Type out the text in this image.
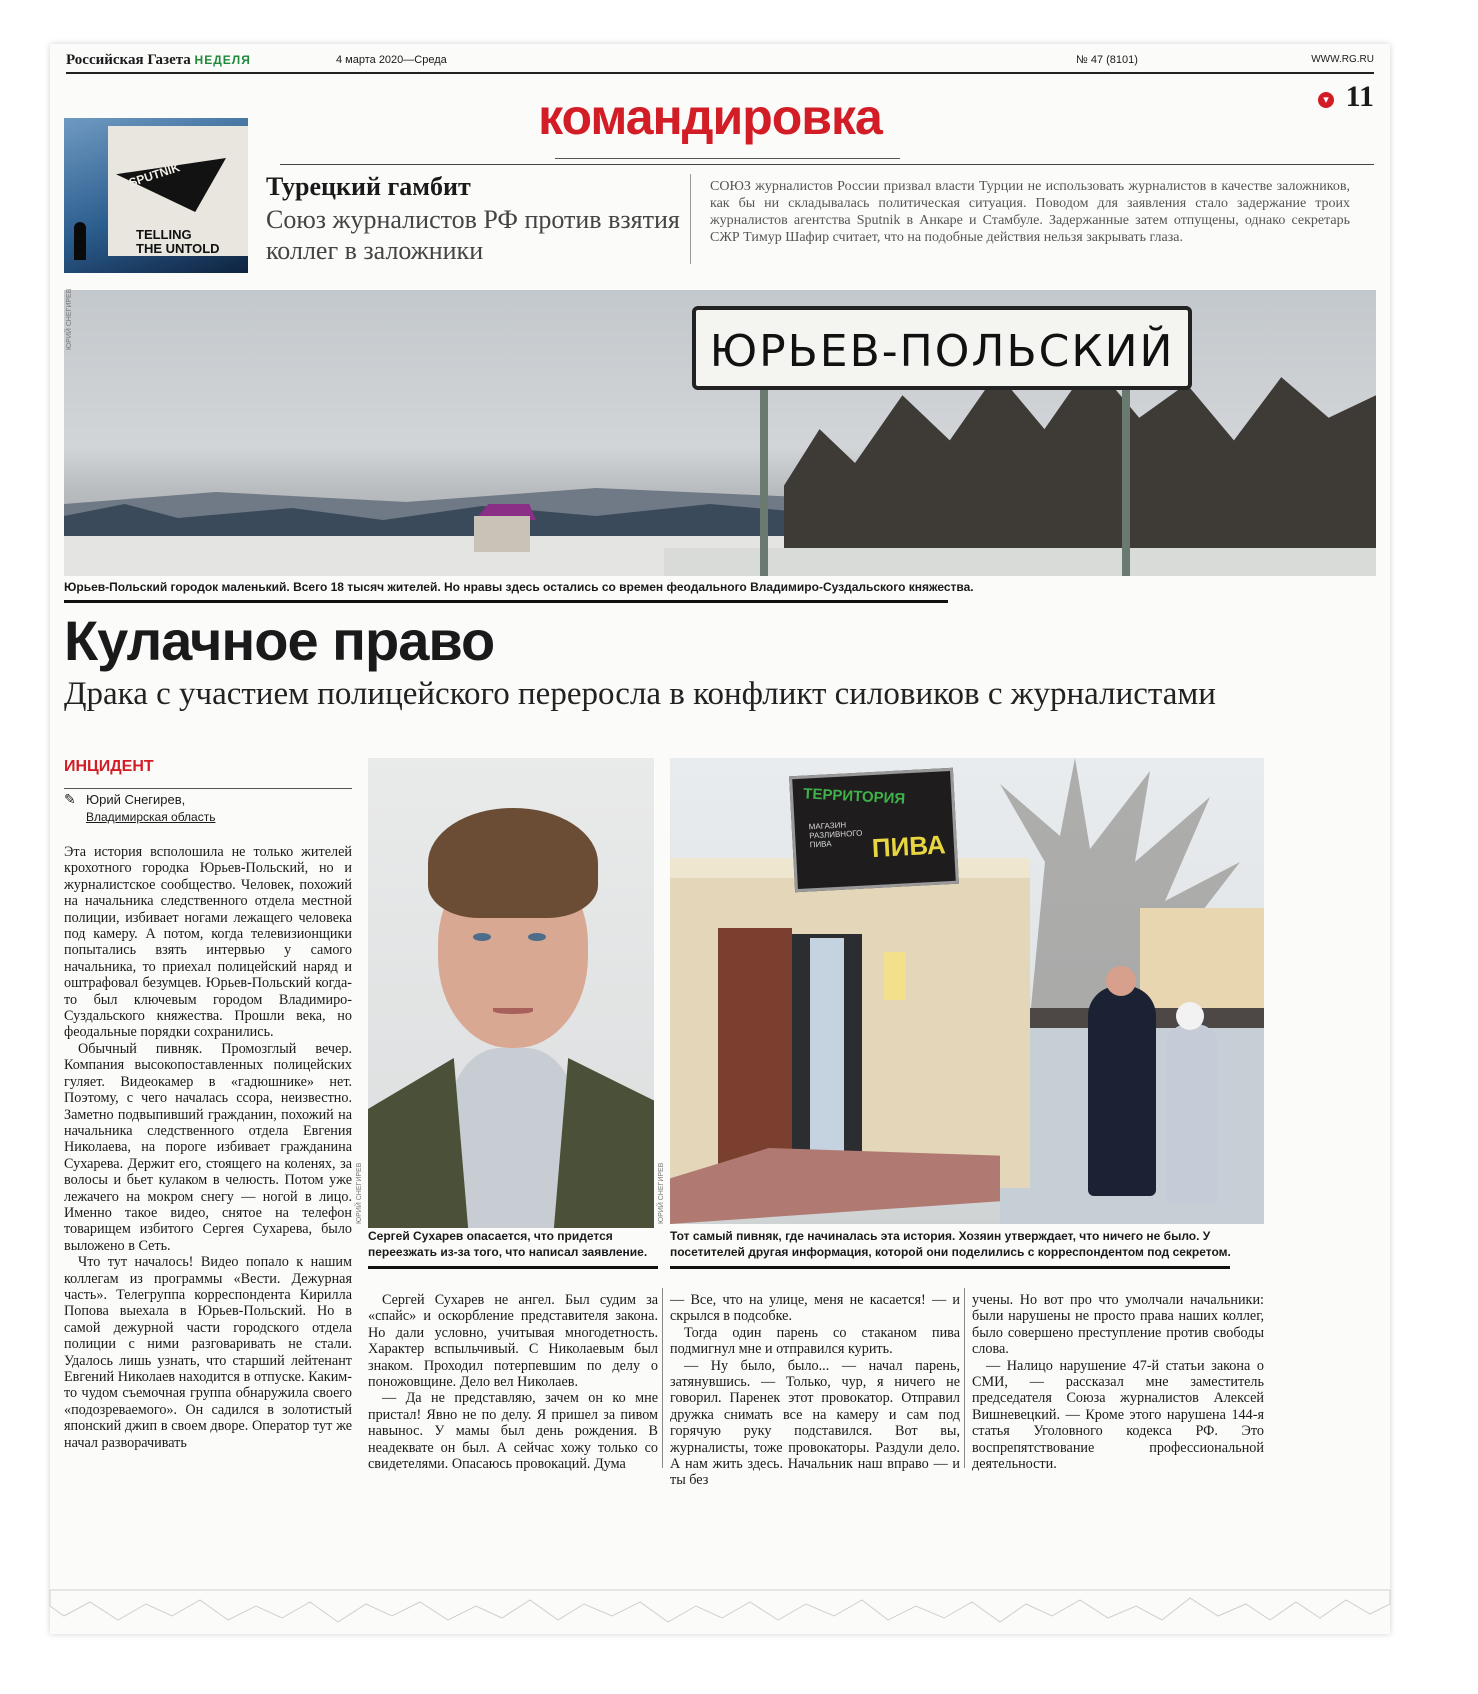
Российская Газета НЕДЕЛЯ	4 марта 2020—Среда	№ 47 (8101)	WWW.RG.RU
▾ 11
командировка
SPUTNIK
TELLING
THE UNTOLD
Турецкий гамбит
Союз журналистов РФ против взятия коллег в заложники
СОЮЗ журналистов России призвал власти Турции не использовать журналистов в качестве заложников, как бы ни складывалась политическая ситуация. Поводом для заявления стало задержание троих журналистов агентства Sputnik в Анкаре и Стамбуле. Задержанные затем отпущены, однако секретарь СЖР Тимур Шафир считает, что на подобные действия нельзя закрывать глаза.
ЮРЬЕВ-ПОЛЬСКИЙ
ЮРИЙ СНЕГИРЕВ
Юрьев-Польский городок маленький. Всего 18 тысяч жителей. Но нравы здесь остались со времен феодального Владимиро-Суздальского княжества.
Кулачное право
Драка с участием полицейского переросла в конфликт силовиков с журналистами
ИНЦИДЕНТ
✎ Юрий Снегирев,
Владимирская область

Эта история всполошила не только жителей крохотного городка Юрьев-Польский, но и журналистское сообщество. Человек, похожий на начальника следственного отдела местной полиции, избивает ногами лежащего человека под камеру. А потом, когда телевизионщики попытались взять интервью у самого начальника, то приехал полицейский наряд и оштрафовал безумцев. Юрьев-Польский когда-то был ключевым городом Владимиро-Суздальского княжества. Прошли века, но феодальные порядки сохранились.

Обычный пивняк. Промозглый вечер. Компания высокопоставленных полицейских гуляет. Видеокамер в «гадюшнике» нет. Поэтому, с чего началась ссора, неизвестно. Заметно подвыпивший гражданин, похожий на начальника следственного отдела Евгения Николаева, на пороге избивает гражданина Сухарева. Держит его, стоящего на коленях, за волосы и бьет кулаком в челюсть. Потом уже лежачего на мокром снегу — ногой в лицо. Именно такое видео, снятое на телефон товарищем избитого Сергея Сухарева, было выложено в Сеть.

Что тут началось! Видео попало к нашим коллегам из программы «Вести. Дежурная часть». Телегруппа корреспондента Кирилла Попова выехала в Юрьев-Польский. Но в самой дежурной части городского отдела полиции с ними разговаривать не стали. Удалось лишь узнать, что старший лейтенант Евгений Николаев находится в отпуске. Каким-то чудом съемочная группа обнаружила своего «подозреваемого». Он садился в золотистый японский джип в своем дворе. Оператор тут же начал разворачивать

ЮРИЙ СНЕГИРЕВ
Сергей Сухарев опасается, что придется переезжать из-за того, что написал заявление.
ТЕРРИТОРИЯ
МАГАЗИН РАЗЛИВНОГО ПИВА	ПИВА
ЮРИЙ СНЕГИРЕВ
Тот самый пивняк, где начиналась эта история. Хозяин утверждает, что ничего не было. У посетителей другая информация, которой они поделились с корреспондентом под секретом.

Сергей Сухарев не ангел. Был судим за «спайс» и оскорбление представителя закона. Но дали условно, учитывая многодетность. Характер вспыльчивый. С Николаевым был знаком. Проходил потерпевшим по делу о поножовщине. Дело вел Николаев.

— Да не представляю, зачем он ко мне пристал! Явно не по делу. Я пришел за пивом навынос. У мамы был день рождения. В неадеквате он был. А сейчас хожу только со свидетелями. Опасаюсь провокаций. Дума

— Все, что на улице, меня не касается! — и скрылся в подсобке.

Тогда один парень со стаканом пива подмигнул мне и отправился курить.

— Ну было, было... — начал парень, затянувшись. — Только, чур, я ничего не говорил. Паренек этот провокатор. Отправил дружка снимать все на камеру и сам под горячую руку подставился. Вот вы, журналисты, тоже провокаторы. Раздули дело. А нам жить здесь. Начальник наш вправо — и ты без

учены. Но вот про что умолчали начальники: были нарушены не просто права наших коллег, было совершено преступление против свободы слова.

— Налицо нарушение 47-й статьи закона о СМИ, — рассказал мне заместитель председателя Союза журналистов Алексей Вишневецкий. — Кроме этого нарушена 144-я статья Уголовного кодекса РФ. Это воспрепятствование профессиональной деятельности.
